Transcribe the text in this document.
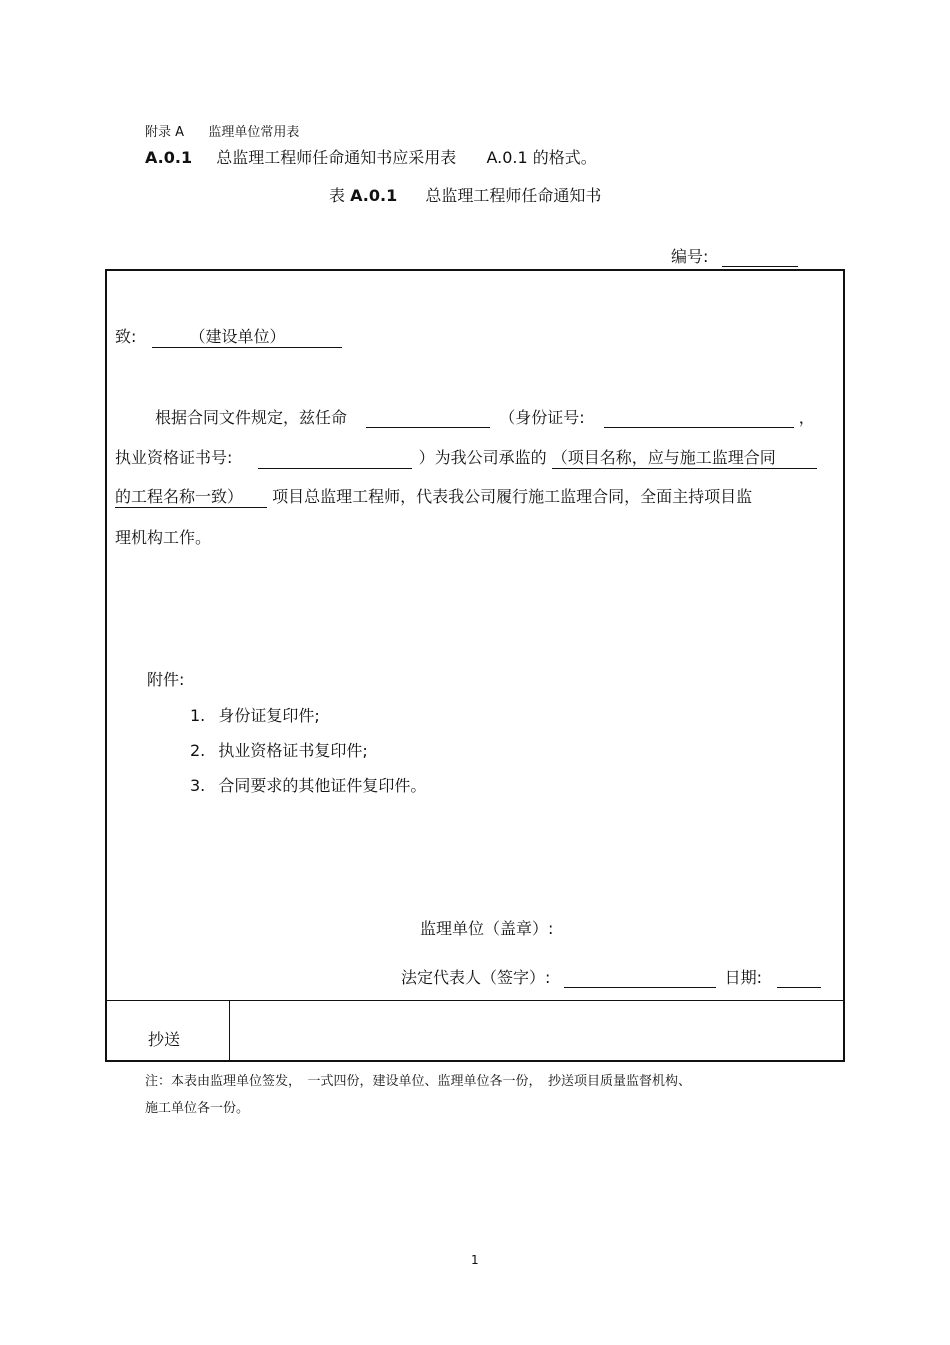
附录 A 监理单位常用表
A.0.1 总监理工程师任命通知书应采用表 A.0.1 的格式。
表 A.0.1 总监理工程师任命通知书
编号:
致:	（建设单位）
根据合同文件规定，兹任命	（身份证号:	，
执业资格证书号:	）为我公司承监的 （项目名称，应与施工监理合同
的工程名称一致） 项目总监理工程师，代表我公司履行施工监理合同，全面主持项目监
理机构工作。
附件:
1. 身份证复印件;
2. 执业资格证书复印件;
3. 合同要求的其他证件复印件。
监理单位（盖章）:
法定代表人（签字）:	日期:
抄送
注：本表由监理单位签发，　一式四份，建设单位、监理单位各一份，　抄送项目质量监督机构、
施工单位各一份。
1
